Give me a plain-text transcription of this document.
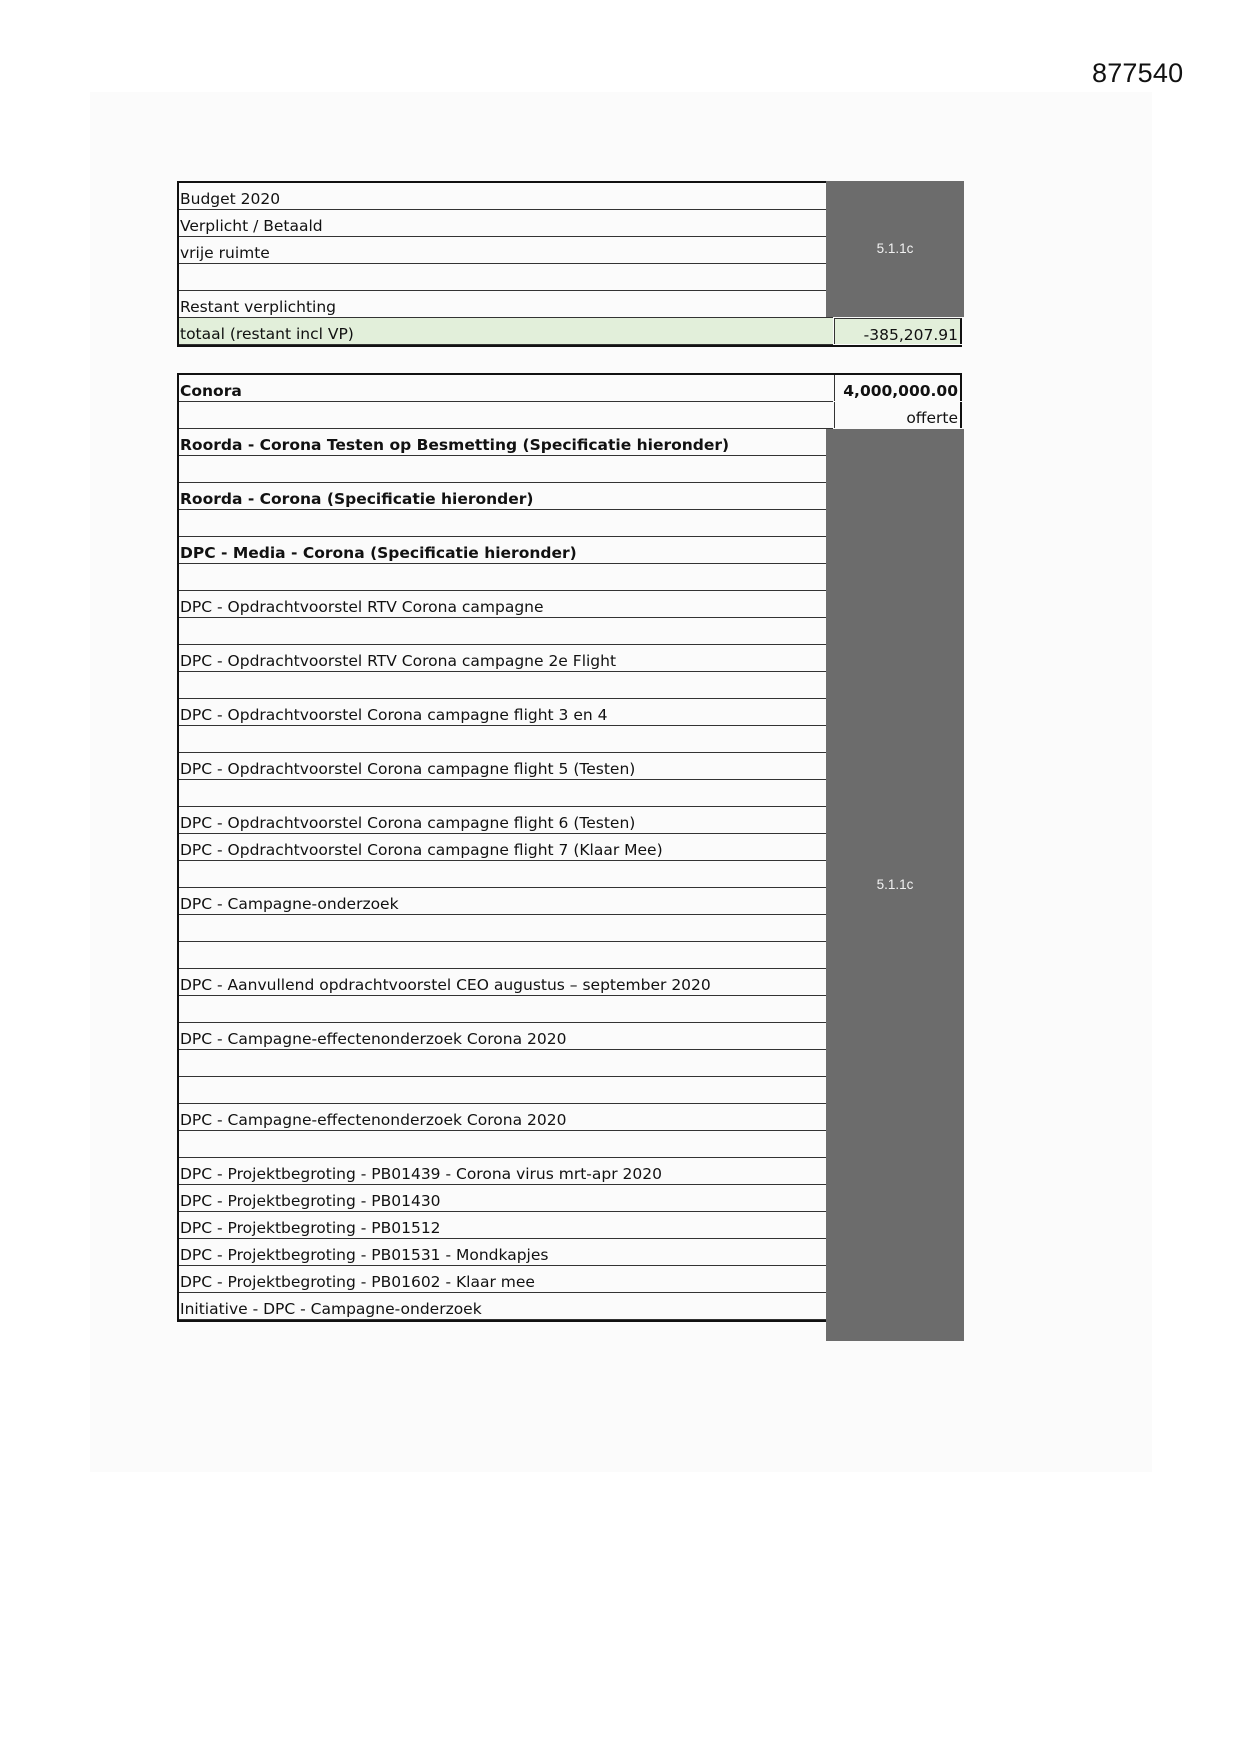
877540
Budget 2020
Verplicht / Betaald
vrije ruimte
Restant verplichting
totaal (restant incl VP)	-385,207.91
5.1.1c
Conora	4,000,000.00
offerte
Roorda - Corona Testen op Besmetting (Specificatie hieronder)
Roorda - Corona (Specificatie hieronder)
DPC - Media - Corona (Specificatie hieronder)
DPC - Opdrachtvoorstel RTV Corona campagne
DPC - Opdrachtvoorstel RTV Corona campagne 2e Flight
DPC - Opdrachtvoorstel Corona campagne flight 3 en 4
DPC - Opdrachtvoorstel Corona campagne flight 5 (Testen)
DPC - Opdrachtvoorstel Corona campagne flight 6 (Testen)
DPC - Opdrachtvoorstel Corona campagne flight 7 (Klaar Mee)
DPC - Campagne-onderzoek
DPC - Aanvullend opdrachtvoorstel CEO augustus – september 2020
DPC - Campagne-effectenonderzoek Corona 2020
DPC - Campagne-effectenonderzoek Corona 2020
DPC - Projektbegroting - PB01439 - Corona virus mrt-apr 2020
DPC - Projektbegroting - PB01430
DPC - Projektbegroting - PB01512
DPC - Projektbegroting - PB01531 - Mondkapjes
DPC - Projektbegroting - PB01602 - Klaar mee
Initiative - DPC - Campagne-onderzoek
5.1.1c
